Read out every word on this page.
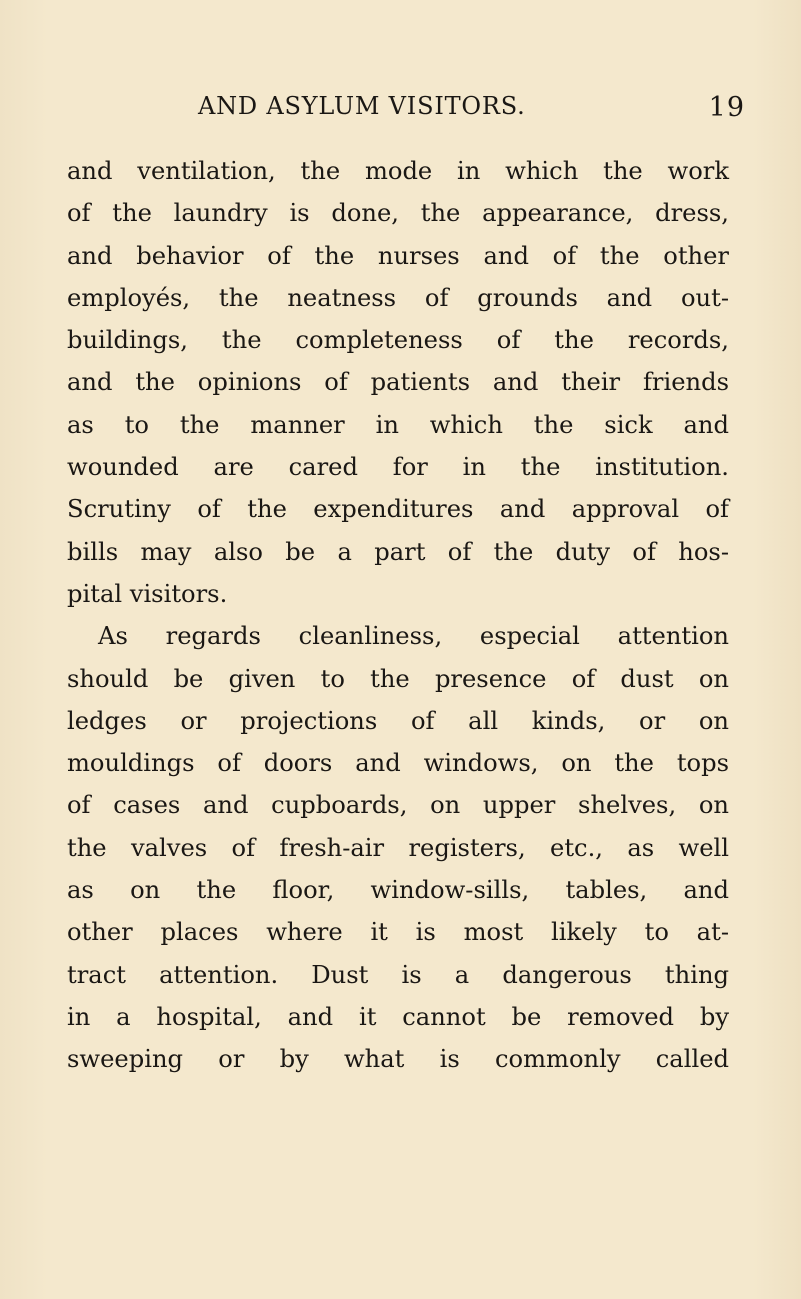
AND ASYLUM VISITORS.	19
and ventilation, the mode in which the work
of the laundry is done, the appearance, dress,
and behavior of the nurses and of the other
employés, the neatness of grounds and out-
buildings, the completeness of the records,
and the opinions of patients and their friends
as to the manner in which the sick and
wounded are cared for in the institution.
Scrutiny of the expenditures and approval of
bills may also be a part of the duty of hos-
pital visitors.
As regards cleanliness, especial attention
should be given to the presence of dust on
ledges or projections of all kinds, or on
mouldings of doors and windows, on the tops
of cases and cupboards, on upper shelves, on
the valves of fresh-air registers, etc., as well
as on the floor, window-sills, tables, and
other places where it is most likely to at-
tract attention. Dust is a dangerous thing
in a hospital, and it cannot be removed by
sweeping or by what is commonly called
